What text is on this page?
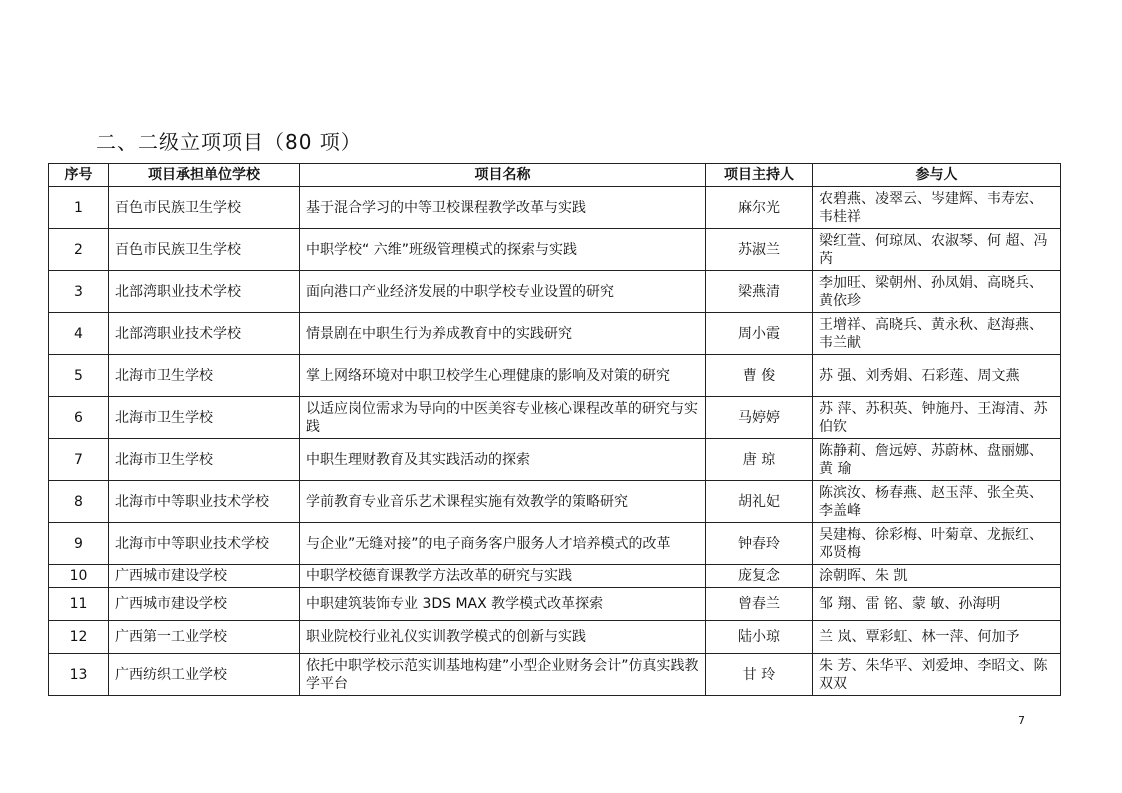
二、二级立项项目（80 项）
序号	项目承担单位学校	项目名称	项目主持人	参与人
1	百色市民族卫生学校	基于混合学习的中等卫校课程教学改革与实践	麻尔光	农碧燕、凌翠云、岑建辉、韦寿宏、韦桂祥
2	百色市民族卫生学校	中职学校“ 六维”班级管理模式的探索与实践	苏淑兰	梁红萱、何琼凤、农淑琴、何 超、冯 芮
3	北部湾职业技术学校	面向港口产业经济发展的中职学校专业设置的研究	梁燕清	李加旺、梁朝州、孙凤娟、高晓兵、黄依珍
4	北部湾职业技术学校	情景剧在中职生行为养成教育中的实践研究	周小霞	王增祥、高晓兵、黄永秋、赵海燕、韦兰献
5	北海市卫生学校	掌上网络环境对中职卫校学生心理健康的影响及对策的研究	曹 俊	苏 强、刘秀娟、石彩莲、周文燕
6	北海市卫生学校	以适应岗位需求为导向的中医美容专业核心课程改革的研究与实践	马婷婷	苏 萍、苏积英、钟施丹、王海清、苏伯钦
7	北海市卫生学校	中职生理财教育及其实践活动的探索	唐 琼	陈静莉、詹远婷、苏蔚林、盘丽娜、黄 瑜
8	北海市中等职业技术学校	学前教育专业音乐艺术课程实施有效教学的策略研究	胡礼妃	陈滨汝、杨春燕、赵玉萍、张全英、李盖峰
9	北海市中等职业技术学校	与企业”无缝对接”的电子商务客户服务人才培养模式的改革	钟春玲	吴建梅、徐彩梅、叶菊章、龙振红、邓贤梅
10	广西城市建设学校	中职学校德育课教学方法改革的研究与实践	庞复念	涂朝晖、朱 凯
11	广西城市建设学校	中职建筑装饰专业 3DS MAX 教学模式改革探索	曾春兰	邹 翔、雷 铭、蒙 敏、孙海明
12	广西第一工业学校	职业院校行业礼仪实训教学模式的创新与实践	陆小琼	兰 岚、覃彩虹、林一萍、何加予
13	广西纺织工业学校	依托中职学校示范实训基地构建”小型企业财务会计”仿真实践教学平台	甘 玲	朱 芳、朱华平、刘爱坤、李昭文、陈双双
7
